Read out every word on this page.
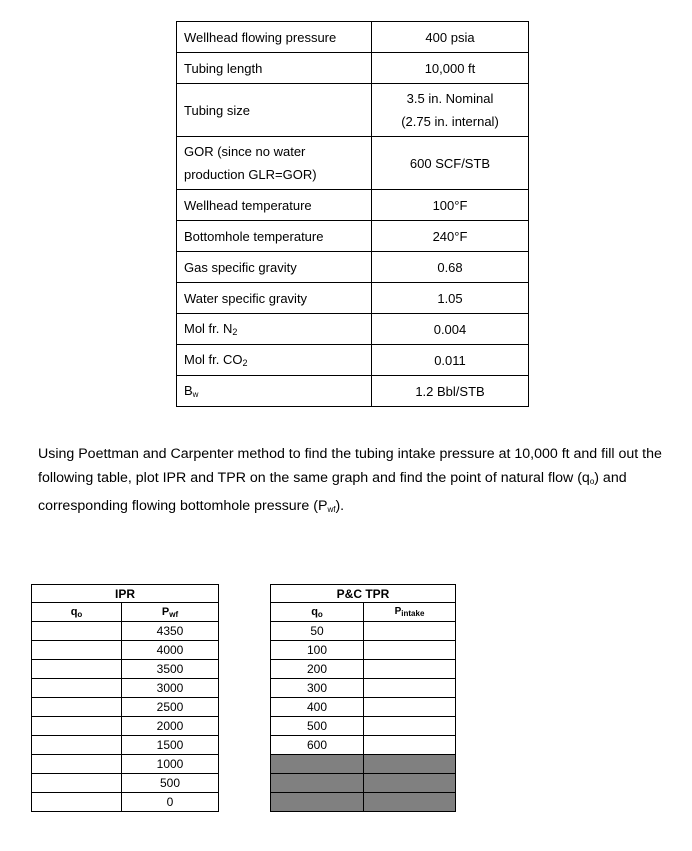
Wellhead flowing pressure	400 psia
Tubing length	10,000 ft
Tubing size	3.5 in. Nominal
(2.75 in. internal)
GOR (since no water
production GLR=GOR)	600 SCF/STB
Wellhead temperature	100°F
Bottomhole temperature	240°F
Gas specific gravity	0.68
Water specific gravity	1.05
Mol fr. $N_2$	0.004
Mol fr. $CO_2$	0.011
Bw	1.2 Bbl/STB

Using Poettman and Carpenter method to find the tubing intake pressure at 10,000 ft and fill out the following table, plot IPR and TPR on the same graph and find the point of natural flow (qo) and corresponding flowing bottomhole pressure (Pwf).

IPR	
qo	Pwf
	4350
	4000
	3500
	3000
	2500
	2000
	1500
	1000
	500
	0
P&C TPR	
qo	$P_{intake}$
50	
100	
200	
300	
400	
500	
600	
